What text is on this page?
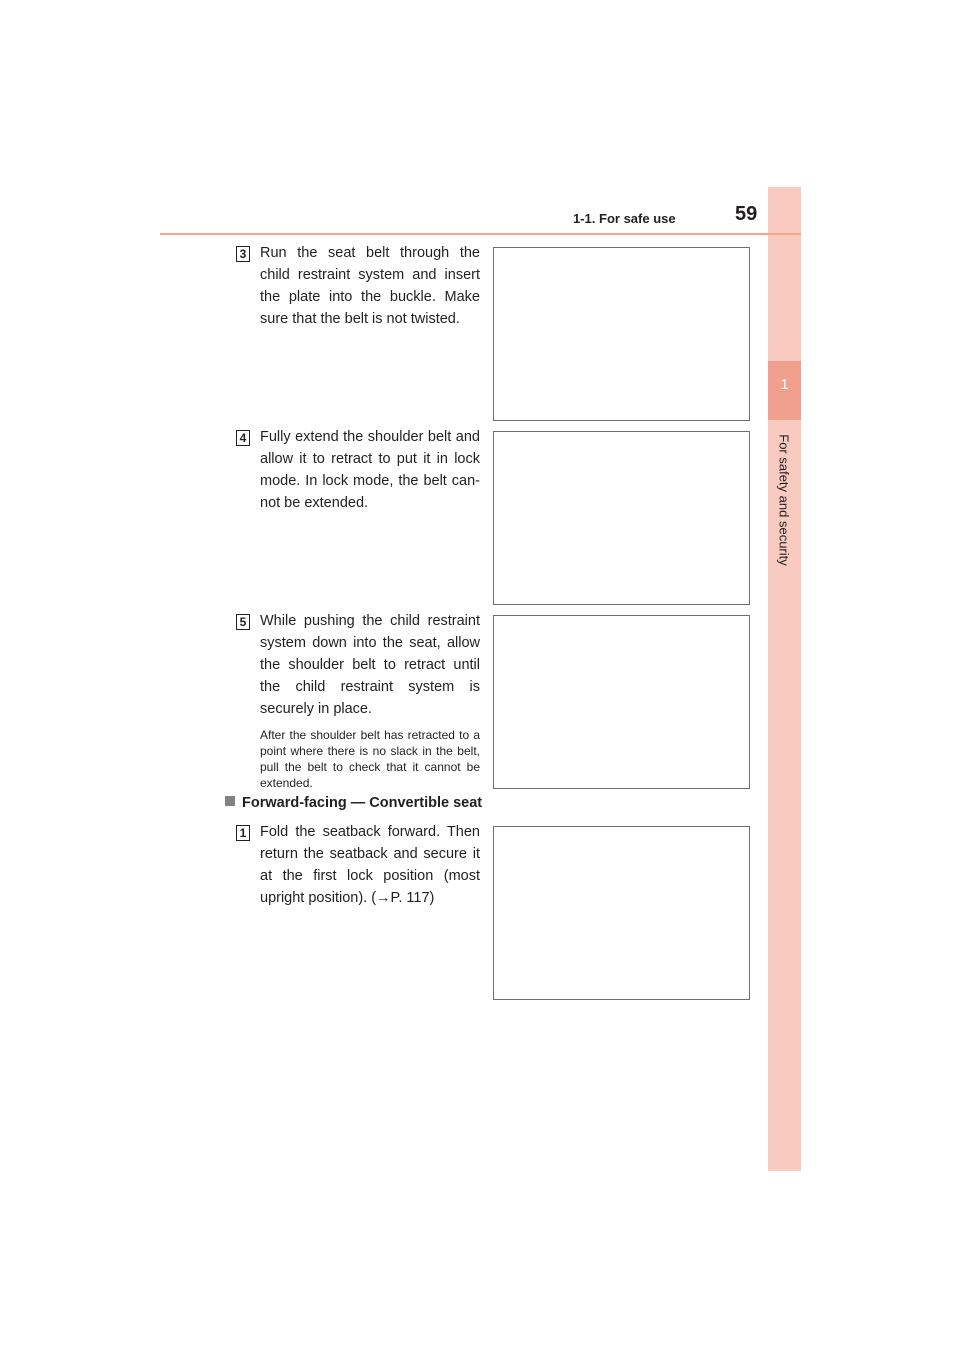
1
For safety and security
1-1. For safe use	59
3 Run the seat belt through the child restraint system and insert the plate into the buckle. Make sure that the belt is not twisted.
4 Fully extend the shoulder belt and allow it to retract to put it in lock mode. In lock mode, the belt can-not be extended.
5 While pushing the child restraint system down into the seat, allow the shoulder belt to retract until the child restraint system is securely in place.
After the shoulder belt has retracted to a point where there is no slack in the belt, pull the belt to check that it cannot be extended.
Forward-facing — Convertible seat
1 Fold the seatback forward. Then return the seatback and secure it at the first lock position (most upright position). (→P. 117)
